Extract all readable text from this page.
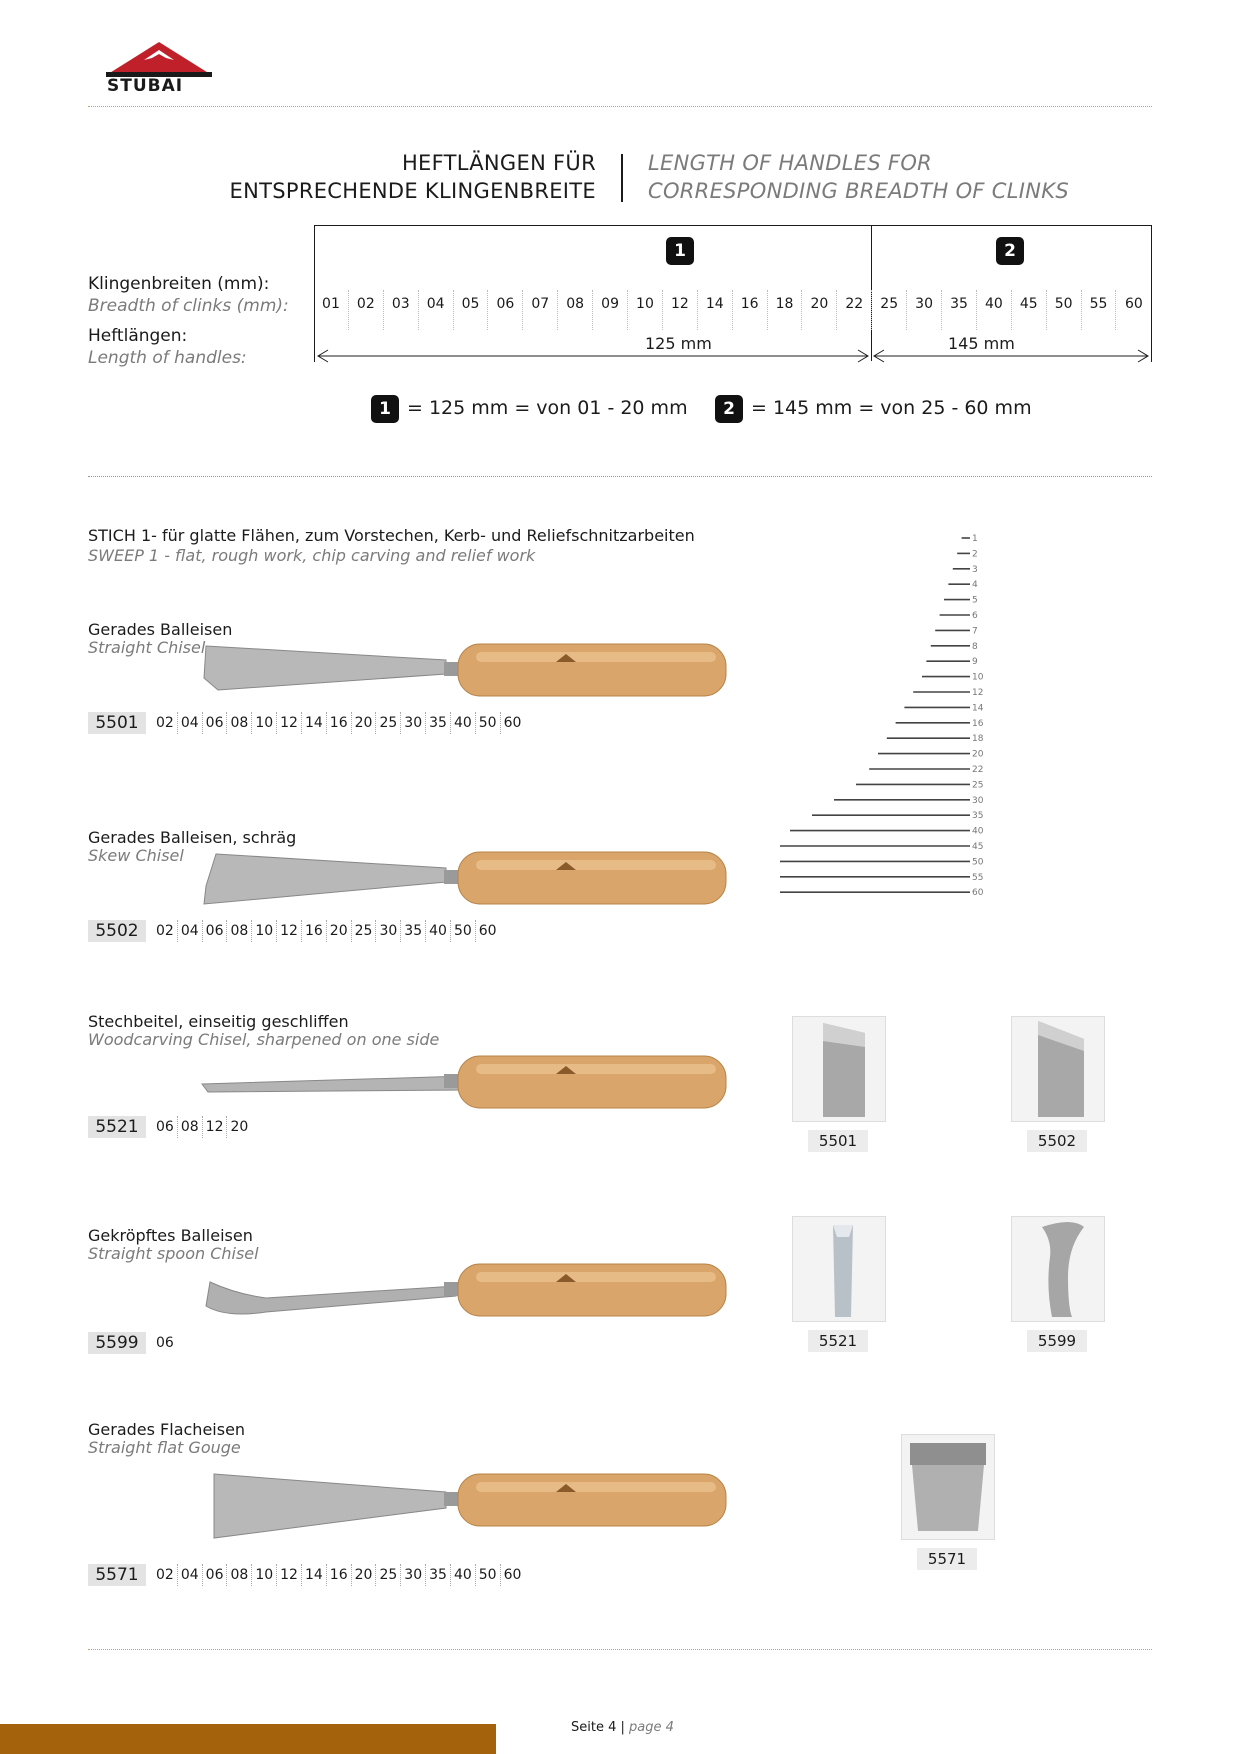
STUBAI
HEFTLÄNGEN FÜR
ENTSPRECHENDE KLINGENBREITE
LENGTH OF HANDLES FOR
CORRESPONDING BREADTH OF CLINKS
Klingenbreiten (mm):
Breadth of clinks (mm):
Heftlängen:
Length of handles:
1	2
01	02	03	04	05	06	07	08	09	10	12	14	16	18	20	22	25	30	35	40	45	50	55	60
125 mm	145 mm
1 = 125 mm = von 01 - 20 mm	2 = 145 mm = von 25 - 60 mm
STICH 1- für glatte Flähen, zum Vorstechen, Kerb- und Reliefschnitzarbeiten
SWEEP 1 - flat, rough work, chip carving and relief work
Gerades Balleisen
Straight Chisel
5501	02 04 06 08 10 12 14 16 20 25 30 35 40 50 60
Gerades Balleisen, schräg
Skew Chisel
5502	02 04 06 08 10 12 16 20 25 30 35 40 50 60
Stechbeitel, einseitig geschliffen
Woodcarving Chisel, sharpened on one side
5521	06 08 12 20
Gekröpftes Balleisen
Straight spoon Chisel
5599	06
Gerades Flacheisen
Straight flat Gouge
5571	02 04 06 08 10 12 14 16 20 25 30 35 40 50 60
1
2
3
4
5
6
7
8
9
10
12
14
16
18
20
22
25
30
35
40
45
50
55
60
5501	5502
5521	5599
5571
Seite 4 | page 4
